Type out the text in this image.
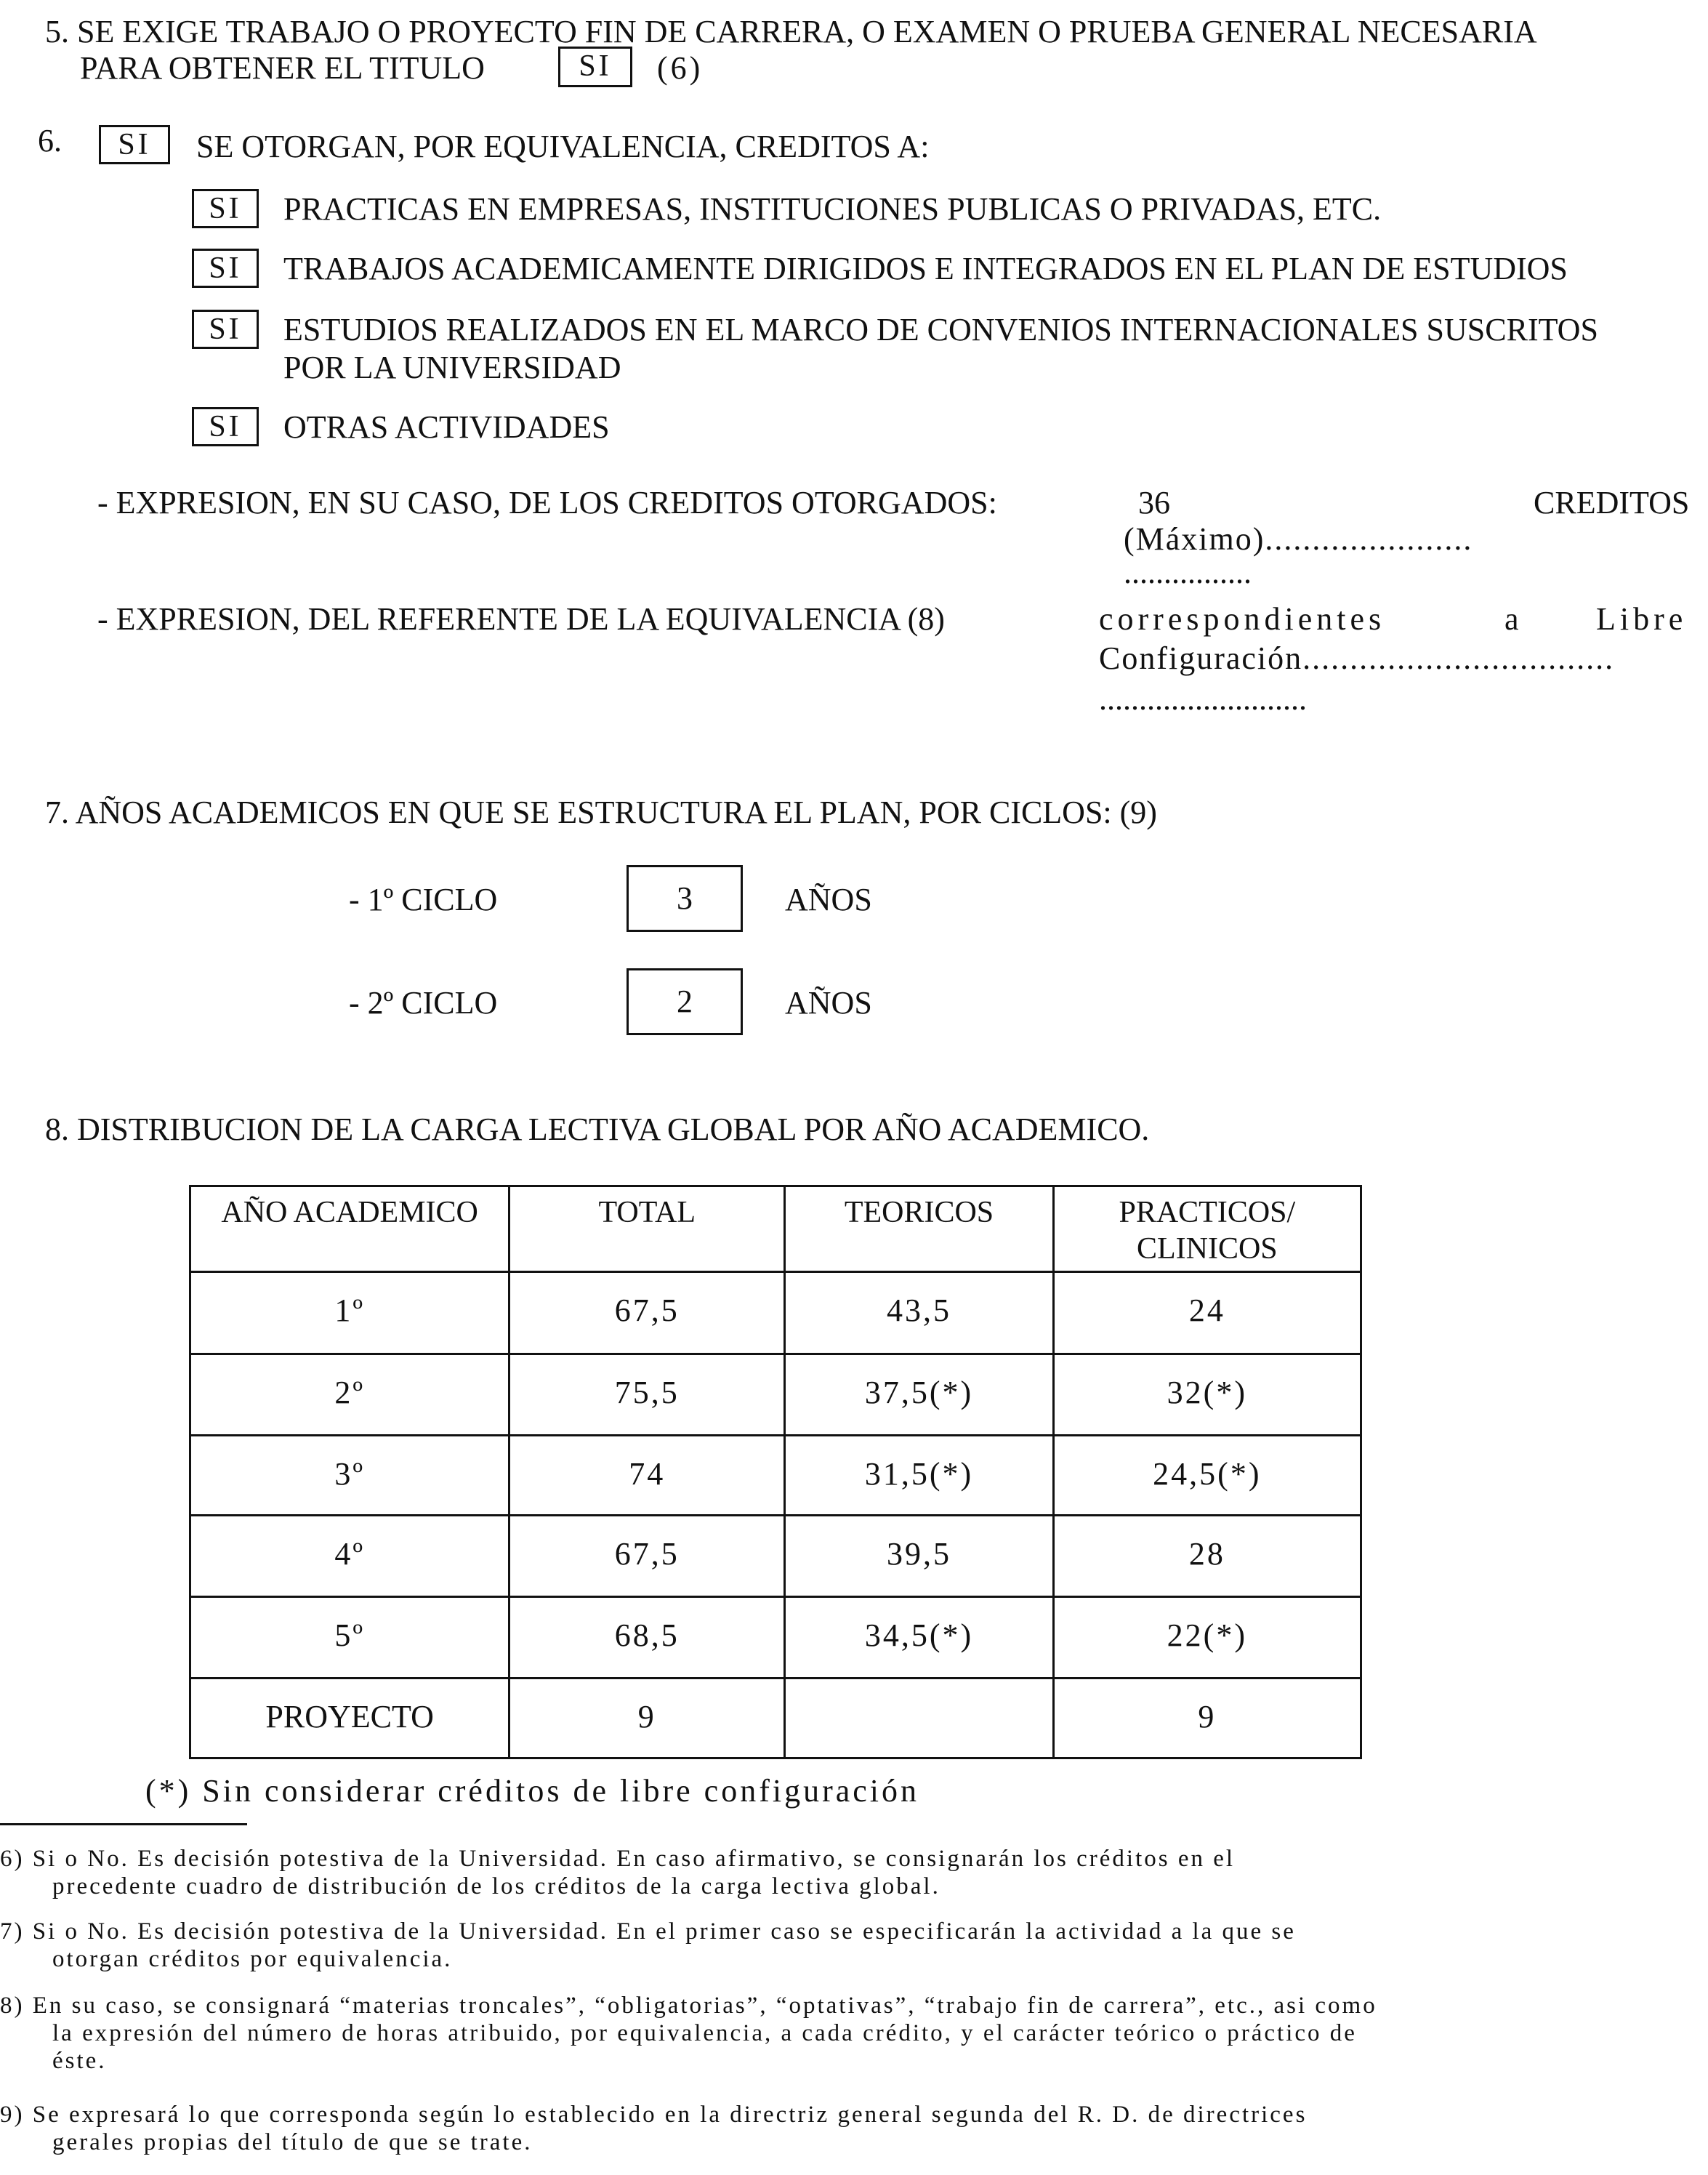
5. SE EXIGE TRABAJO O PROYECTO FIN DE CARRERA, O EXAMEN O PRUEBA GENERAL NECESARIA
PARA OBTENER EL TITULO	SI	(6)
6.	SI	SE OTORGAN, POR EQUIVALENCIA, CREDITOS A:
SI	PRACTICAS EN EMPRESAS, INSTITUCIONES PUBLICAS O PRIVADAS, ETC.
SI	TRABAJOS ACADEMICAMENTE DIRIGIDOS E INTEGRADOS EN EL PLAN DE ESTUDIOS
SI	ESTUDIOS REALIZADOS EN EL MARCO DE CONVENIOS INTERNACIONALES SUSCRITOS
POR LA UNIVERSIDAD
SI	OTRAS ACTIVIDADES
- EXPRESION, EN SU CASO, DE LOS CREDITOS OTORGADOS:	36	CREDITOS
(Máximo)......................
................
- EXPRESION, DEL REFERENTE DE LA EQUIVALENCIA (8)	correspondientes	a Libre
Configuración.................................
..........................
7. AÑOS ACADEMICOS EN QUE SE ESTRUCTURA EL PLAN, POR CICLOS: (9)
- 1º CICLO	3	AÑOS
- 2º CICLO	2	AÑOS
8. DISTRIBUCION DE LA CARGA LECTIVA GLOBAL POR AÑO ACADEMICO.
AÑO ACADEMICO	TOTAL	TEORICOS	PRACTICOS/
CLINICOS
1º	67,5	43,5	24
2º	75,5	37,5(*)	32(*)
3º	74	31,5(*)	24,5(*)
4º	67,5	39,5	28
5º	68,5	34,5(*)	22(*)
PROYECTO	9		9
(*) Sin considerar créditos de libre configuración
6) Si o No. Es decisión potestiva de la Universidad. En caso afirmativo, se consignarán los créditos en el
precedente cuadro de distribución de los créditos de la carga lectiva global.
7) Si o No. Es decisión potestiva de la Universidad. En el primer caso se especificarán la actividad a la que se
otorgan créditos por equivalencia.
8) En su caso, se consignará “materias troncales”, “obligatorias”, “optativas”, “trabajo fin de carrera”, etc., asi como
la expresión del número de horas atribuido, por equivalencia, a cada crédito, y el carácter teórico o práctico de
éste.
9) Se expresará lo que corresponda según lo establecido en la directriz general segunda del R. D. de directrices
gerales propias del título de que se trate.
